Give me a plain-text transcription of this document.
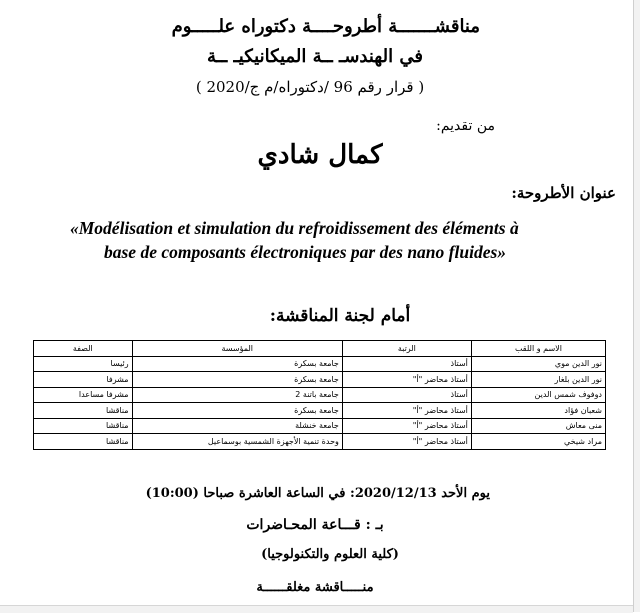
مناقشـــــــة أطروحــــة دكتوراه علـــــوم
في الهندسـ ــة الميكانيكيـ ــة
( قرار رقم 96 /دكتوراه/م ج/2020 )
من تقديم:
كمال شادي
عنوان الأطروحة:
«Modélisation et simulation du refroidissement des éléments à
base de composants électroniques par des nano fluides»
أمام لجنة المناقشة:
الاسم و اللقب	الرتبة	المؤسسة	الصفة
نور الدين موي	أستاذ	جامعة بسكرة	رئيسا
نور الدين بلغار	أستاذ محاضر "أ"	جامعة بسكرة	مشرفا
دوفوف شمس الدين	أستاذ	جامعة باتنة 2	مشرفا مساعدا
شعبان فؤاد	أستاذ محاضر "أ"	جامعة بسكرة	مناقشا
منى معاش	أستاذ محاضر "أ"	جامعة خنشلة	مناقشا
مراد شيخي	أستاذ محاضر "أ"	وحدة تنمية الأجهزة الشمسية بوسماعيل	مناقشا
يوم الأحد 2020/12/13: في الساعة العاشرة صباحا (10:00)
بـ : قـــاعة المحـاضرات
(كلية العلوم والتكنولوجيا)
منـــــاقشة مغلقــــــة
